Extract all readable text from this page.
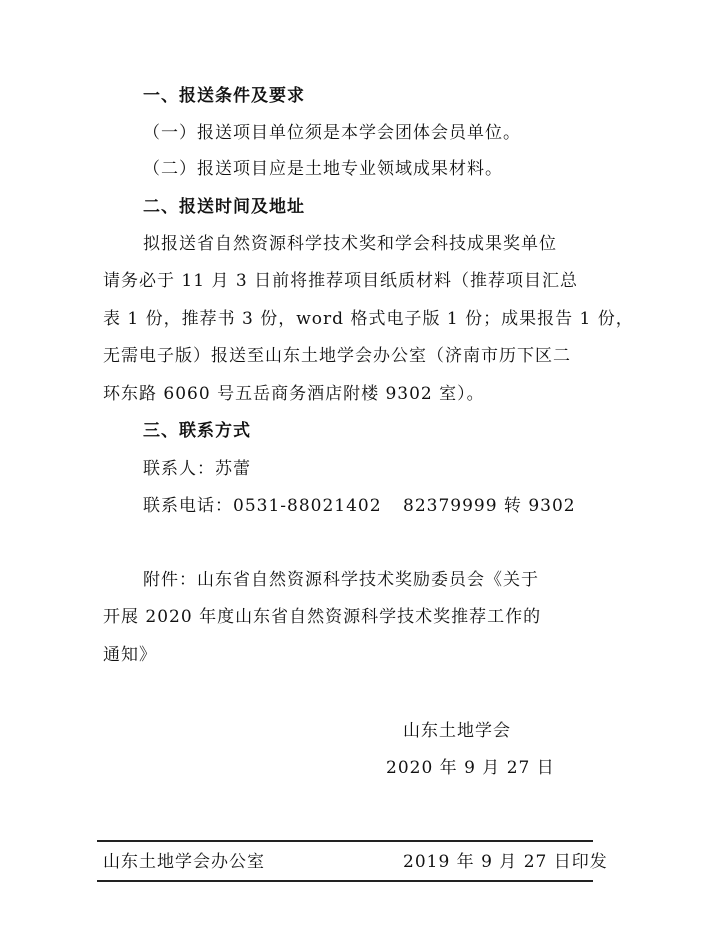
一、报送条件及要求
（一）报送项目单位须是本学会团体会员单位。
（二）报送项目应是土地专业领域成果材料。
二、报送时间及地址
拟报送省自然资源科学技术奖和学会科技成果奖单位
请务必于 11 月 3 日前将推荐项目纸质材料（推荐项目汇总
表 1 份，推荐书 3 份，word 格式电子版 1 份；成果报告 1 份，
无需电子版）报送至山东土地学会办公室（济南市历下区二
环东路 6060 号五岳商务酒店附楼 9302 室）。
三、联系方式
联系人：苏蕾
联系电话：0531-88021402 82379999 转 9302
附件：山东省自然资源科学技术奖励委员会《关于
开展 2020 年度山东省自然资源科学技术奖推荐工作的
通知》
山东土地学会
2020 年 9 月 27 日
山东土地学会办公室	2019 年 9 月 27 日印发
